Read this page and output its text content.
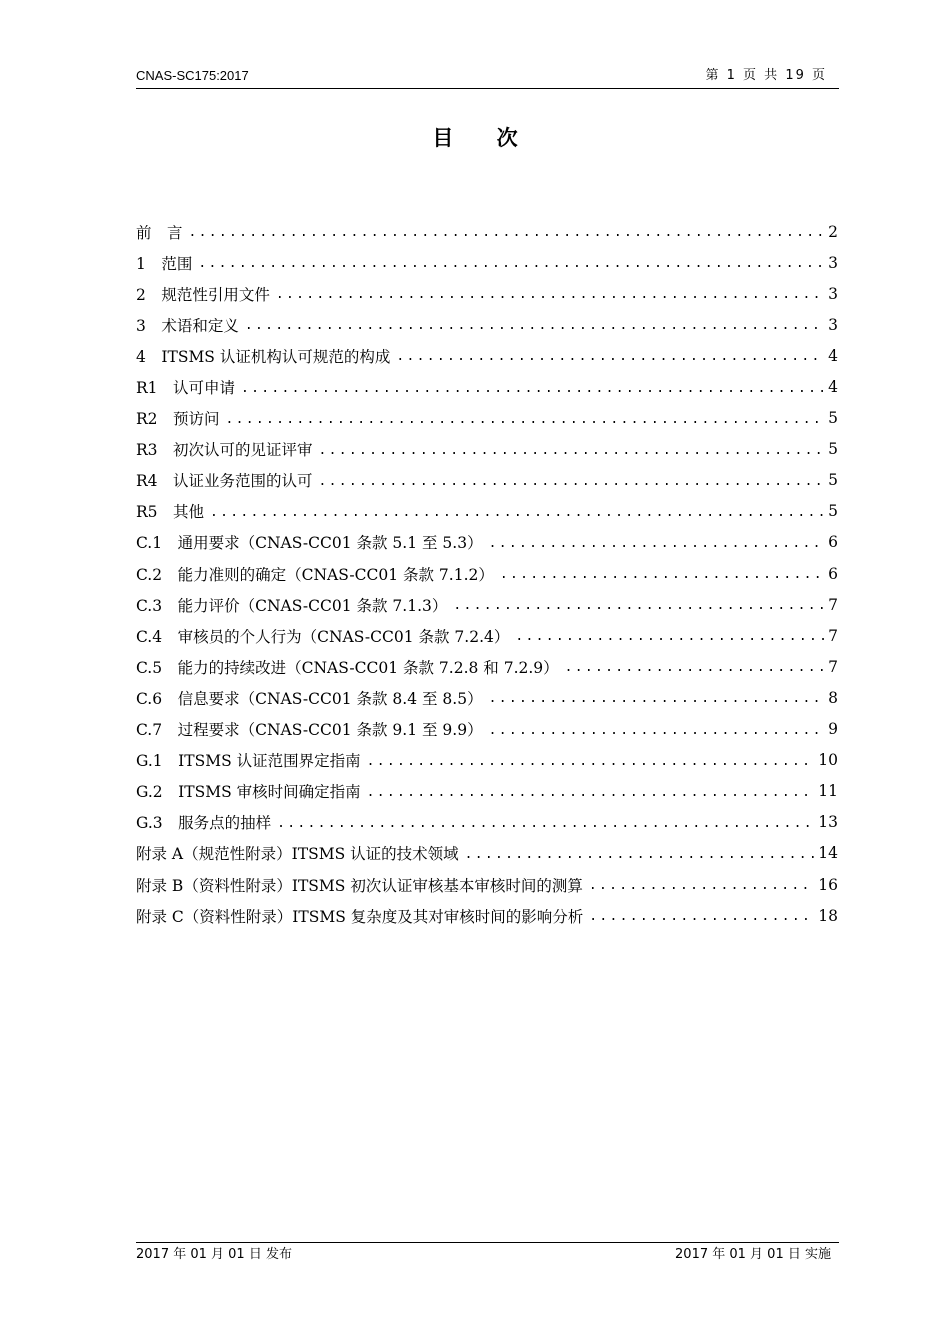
CNAS-SC175:2017	第 1 页 共 19 页
目 次
前　言 .....	2
1　范围 .....	3
2　规范性引用文件 .....	3
3　术语和定义 .....	3
4　ITSMS 认证机构认可规范的构成 .....	4
R1　认可申请 .....	4
R2　预访问 .....	5
R3　初次认可的见证评审 .....	5
R4　认证业务范围的认可 .....	5
R5　其他 .....	5
C.1　通用要求（CNAS-CC01 条款 5.1 至 5.3） .....	6
C.2　能力准则的确定（CNAS-CC01 条款 7.1.2） .....	6
C.3　能力评价（CNAS-CC01 条款 7.1.3） .....	7
C.4　审核员的个人行为（CNAS-CC01 条款 7.2.4） .....	7
C.5　能力的持续改进（CNAS-CC01 条款 7.2.8 和 7.2.9） .....	7
C.6　信息要求（CNAS-CC01 条款 8.4 至 8.5） .....	8
C.7　过程要求（CNAS-CC01 条款 9.1 至 9.9） .....	9
G.1　ITSMS 认证范围界定指南 .....	10
G.2　ITSMS 审核时间确定指南 .....	11
G.3　服务点的抽样 .....	13
附录 A（规范性附录）ITSMS 认证的技术领域 .....	14
附录 B（资料性附录）ITSMS 初次认证审核基本审核时间的测算 .....	16
附录 C（资料性附录）ITSMS 复杂度及其对审核时间的影响分析 .....	18
2017 年 01 月 01 日 发布	2017 年 01 月 01 日 实施
